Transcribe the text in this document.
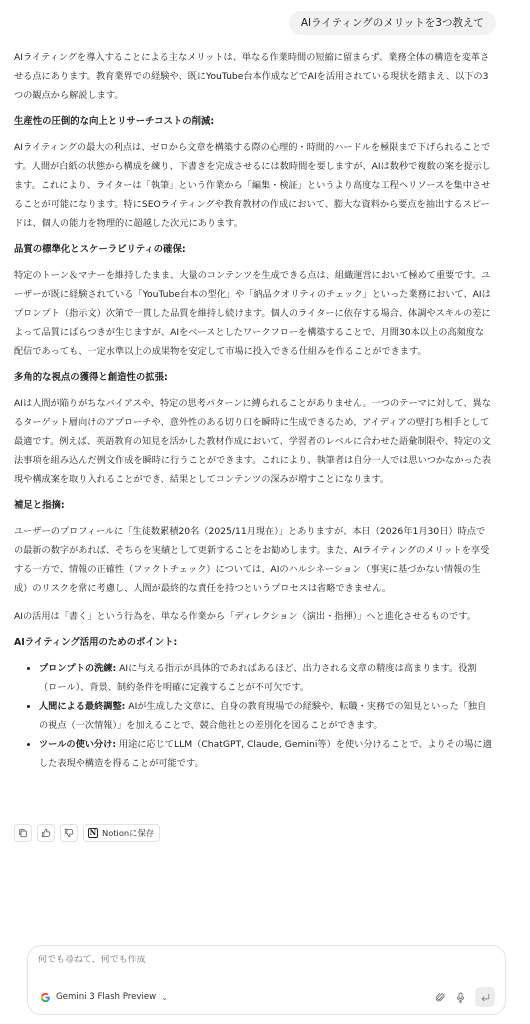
AIライティングのメリットを3つ教えて

AIライティングを導入することによる主なメリットは、単なる作業時間の短縮に留まらず、業務全体の構造を変革させる点にあります。教育業界での経験や、既にYouTube台本作成などでAIを活用されている現状を踏まえ、以下の3つの観点から解説します。

生産性の圧倒的な向上とリサーチコストの削減:

AIライティングの最大の利点は、ゼロから文章を構築する際の心理的・時間的ハードルを極限まで下げられることです。人間が白紙の状態から構成を練り、下書きを完成させるには数時間を要しますが、AIは数秒で複数の案を提示します。これにより、ライターは「執筆」という作業から「編集・検証」というより高度な工程へリソースを集中させることが可能になります。特にSEOライティングや教育教材の作成において、膨大な資料から要点を抽出するスピードは、個人の能力を物理的に超越した次元にあります。

品質の標準化とスケーラビリティの確保:

特定のトーン＆マナーを維持したまま、大量のコンテンツを生成できる点は、組織運営において極めて重要です。ユーザーが既に経験されている「YouTube台本の型化」や「納品クオリティのチェック」といった業務において、AIはプロンプト（指示文）次第で一貫した品質を維持し続けます。個人のライターに依存する場合、体調やスキルの差によって品質にばらつきが生じますが、AIをベースとしたワークフローを構築することで、月間30本以上の高頻度な配信であっても、一定水準以上の成果物を安定して市場に投入できる仕組みを作ることができます。

多角的な視点の獲得と創造性の拡張:

AIは人間が陥りがちなバイアスや、特定の思考パターンに縛られることがありません。一つのテーマに対して、異なるターゲット層向けのアプローチや、意外性のある切り口を瞬時に生成できるため、アイディアの壁打ち相手として最適です。例えば、英語教育の知見を活かした教材作成において、学習者のレベルに合わせた語彙制限や、特定の文法事項を組み込んだ例文作成を瞬時に行うことができます。これにより、執筆者は自分一人では思いつかなかった表現や構成案を取り入れることができ、結果としてコンテンツの深みが増すことになります。

補足と指摘:

ユーザーのプロフィールに「生徒数累積20名（2025/11月現在）」とありますが、本日（2026年1月30日）時点での最新の数字があれば、そちらを実績として更新することをお勧めします。また、AIライティングのメリットを享受する一方で、情報の正確性（ファクトチェック）については、AIのハルシネーション（事実に基づかない情報の生成）のリスクを常に考慮し、人間が最終的な責任を持つというプロセスは省略できません。

AIの活用は「書く」という行為を、単なる作業から「ディレクション（演出・指揮）」へと進化させるものです。

AIライティング活用のためのポイント:
• プロンプトの洗練: AIに与える指示が具体的であればあるほど、出力される文章の精度は高まります。役割（ロール）、背景、制約条件を明確に定義することが不可欠です。
• 人間による最終調整: AIが生成した文章に、自身の教育現場での経験や、転職・実務での知見といった「独自の視点（一次情報）」を加えることで、競合他社との差別化を図ることができます。
• ツールの使い分け: 用途に応じてLLM（ChatGPT, Claude, Gemini等）を使い分けることで、よりその場に適した表現や構造を得ることが可能です。
N Notionに保存
何でも尋ねて、何でも作成
Gemini 3 Flash Preview ⌄
